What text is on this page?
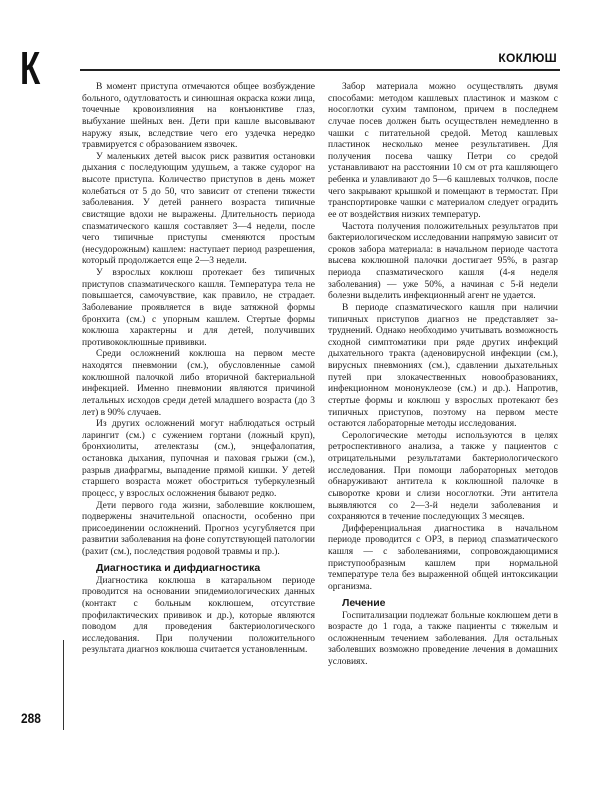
К	КОКЛЮШ

В момент приступа отмечаются общее возбуждение больного, одутловатость и синюшная окраска кожи лица, точечные кровоизлияния на конъюнктиве глаз, выбухание шейных вен. Дети при кашле высовывают наружу язык, вследствие чего его уздечка нередко травмируется с образованием язвочек.

У маленьких детей высок риск развития остановки дыхания с последующим удушьем, а также судорог на высоте приступа. Количество приступов в день может колебаться от 5 до 50, что зависит от степени тяжести заболевания. У детей раннего возраста типичные свистящие вдохи не выражены. Длительность периода спазматического кашля составляет 3—4 недели, после чего типичные приступы сменяются простым (несудорожным) кашлем: наступает период разрешения, который продолжается еще 2—3 недели.

У взрослых коклюш протекает без типичных приступов спазматического кашля. Температура тела не повышается, самочувствие, как правило, не страдает. Заболевание проявляется в виде затяжной формы бронхита (см.) с упорным кашлем. Стертые формы коклюша характерны и для детей, получивших противококлюшные прививки.

Среди осложнений коклюша на первом месте находятся пневмонии (см.), обусловленные самой коклюшной палочкой либо вторичной бактериальной инфекцией. Именно пневмонии являются причиной летальных исходов среди детей младшего возраста (до 3 лет) в 90% случаев.

Из других осложнений могут наблюдаться острый ларингит (см.) с сужением гортани (ложный круп), бронхиолиты, ателектазы (см.), энцефалопатия, остановка дыхания, пупочная и паховая грыжи (см.), разрыв диафрагмы, выпадение прямой кишки. У детей старшего возраста может обостриться туберкулезный процесс, у взрослых осложнения бывают редко.

Дети первого года жизни, заболевшие коклюшем, подвержены значительной опасности, особенно при присоединении осложнений. Прогноз усугубляется при развитии заболевания на фоне сопутствующей патологии (рахит (см.), последствия родовой травмы и пр.).

Диагностика и дифдиагностика

Диагностика коклюша в катаральном периоде проводится на основании эпидемиологических данных (контакт с больным коклюшем, отсутствие профилактических прививок и др.), которые являются поводом для проведения бактериологического исследования. При получении положительного результата диагноз коклюша считается установленным.

Забор материала можно осуществлять двумя способами: методом кашлевых пластинок и мазком с носоглотки сухим тампоном, причем в последнем случае посев должен быть осуществлен немедленно в чашки с питательной средой. Метод кашлевых пластинок несколько менее результативен. Для получения посева чашку Петри со средой устанавливают на расстоянии 10 см от рта кашляющего ребенка и улавливают до 5—6 кашлевых толчков, после чего закрывают крышкой и помещают в термостат. При транспортировке чашки с материалом следует оградить ее от воздействия низких температур.

Частота получения положительных результатов при бактериологическом исследовании напрямую зависит от сроков забора материала: в начальном периоде частота высева коклюшной палочки достигает 95%, в разгар периода спазматического кашля (4-я неделя заболевания) — уже 50%, а начиная с 5-й недели болезни выделить инфекционный агент не удается.

В периоде спазматического кашля при наличии типичных приступов диагноз не представляет затруднений. Однако необходимо учитывать возможность сходной симптоматики при ряде других инфекций дыхательного тракта (аденовирусной инфекции (см.), вирусных пневмониях (см.), сдавлении дыхательных путей при злокачественных новообразованиях, инфекционном мононуклеозе (см.) и др.). Напротив, стертые формы и коклюш у взрослых протекают без типичных приступов, поэтому на первом месте остаются лабораторные методы исследования.

Серологические методы используются в целях ретроспективного анализа, а также у пациентов с отрицательными результатами бактериологического исследования. При помощи лабораторных методов обнаруживают антитела к коклюшной палочке в сыворотке крови и слизи носоглотки. Эти антитела выявляются со 2—3-й недели заболевания и сохраняются в течение последующих 3 месяцев.

Дифференциальная диагностика в начальном периоде проводится с ОРЗ, в период спазматического кашля — с заболеваниями, сопровождающимися приступообразным кашлем при нормальной температуре тела без выраженной общей интоксикации организма.

Лечение

Госпитализации подлежат больные коклюшем дети в возрасте до 1 года, а также пациенты с тяжелым и осложненным течением заболевания. Для остальных заболевших возможно проведение лечения в домашних условиях.

288
